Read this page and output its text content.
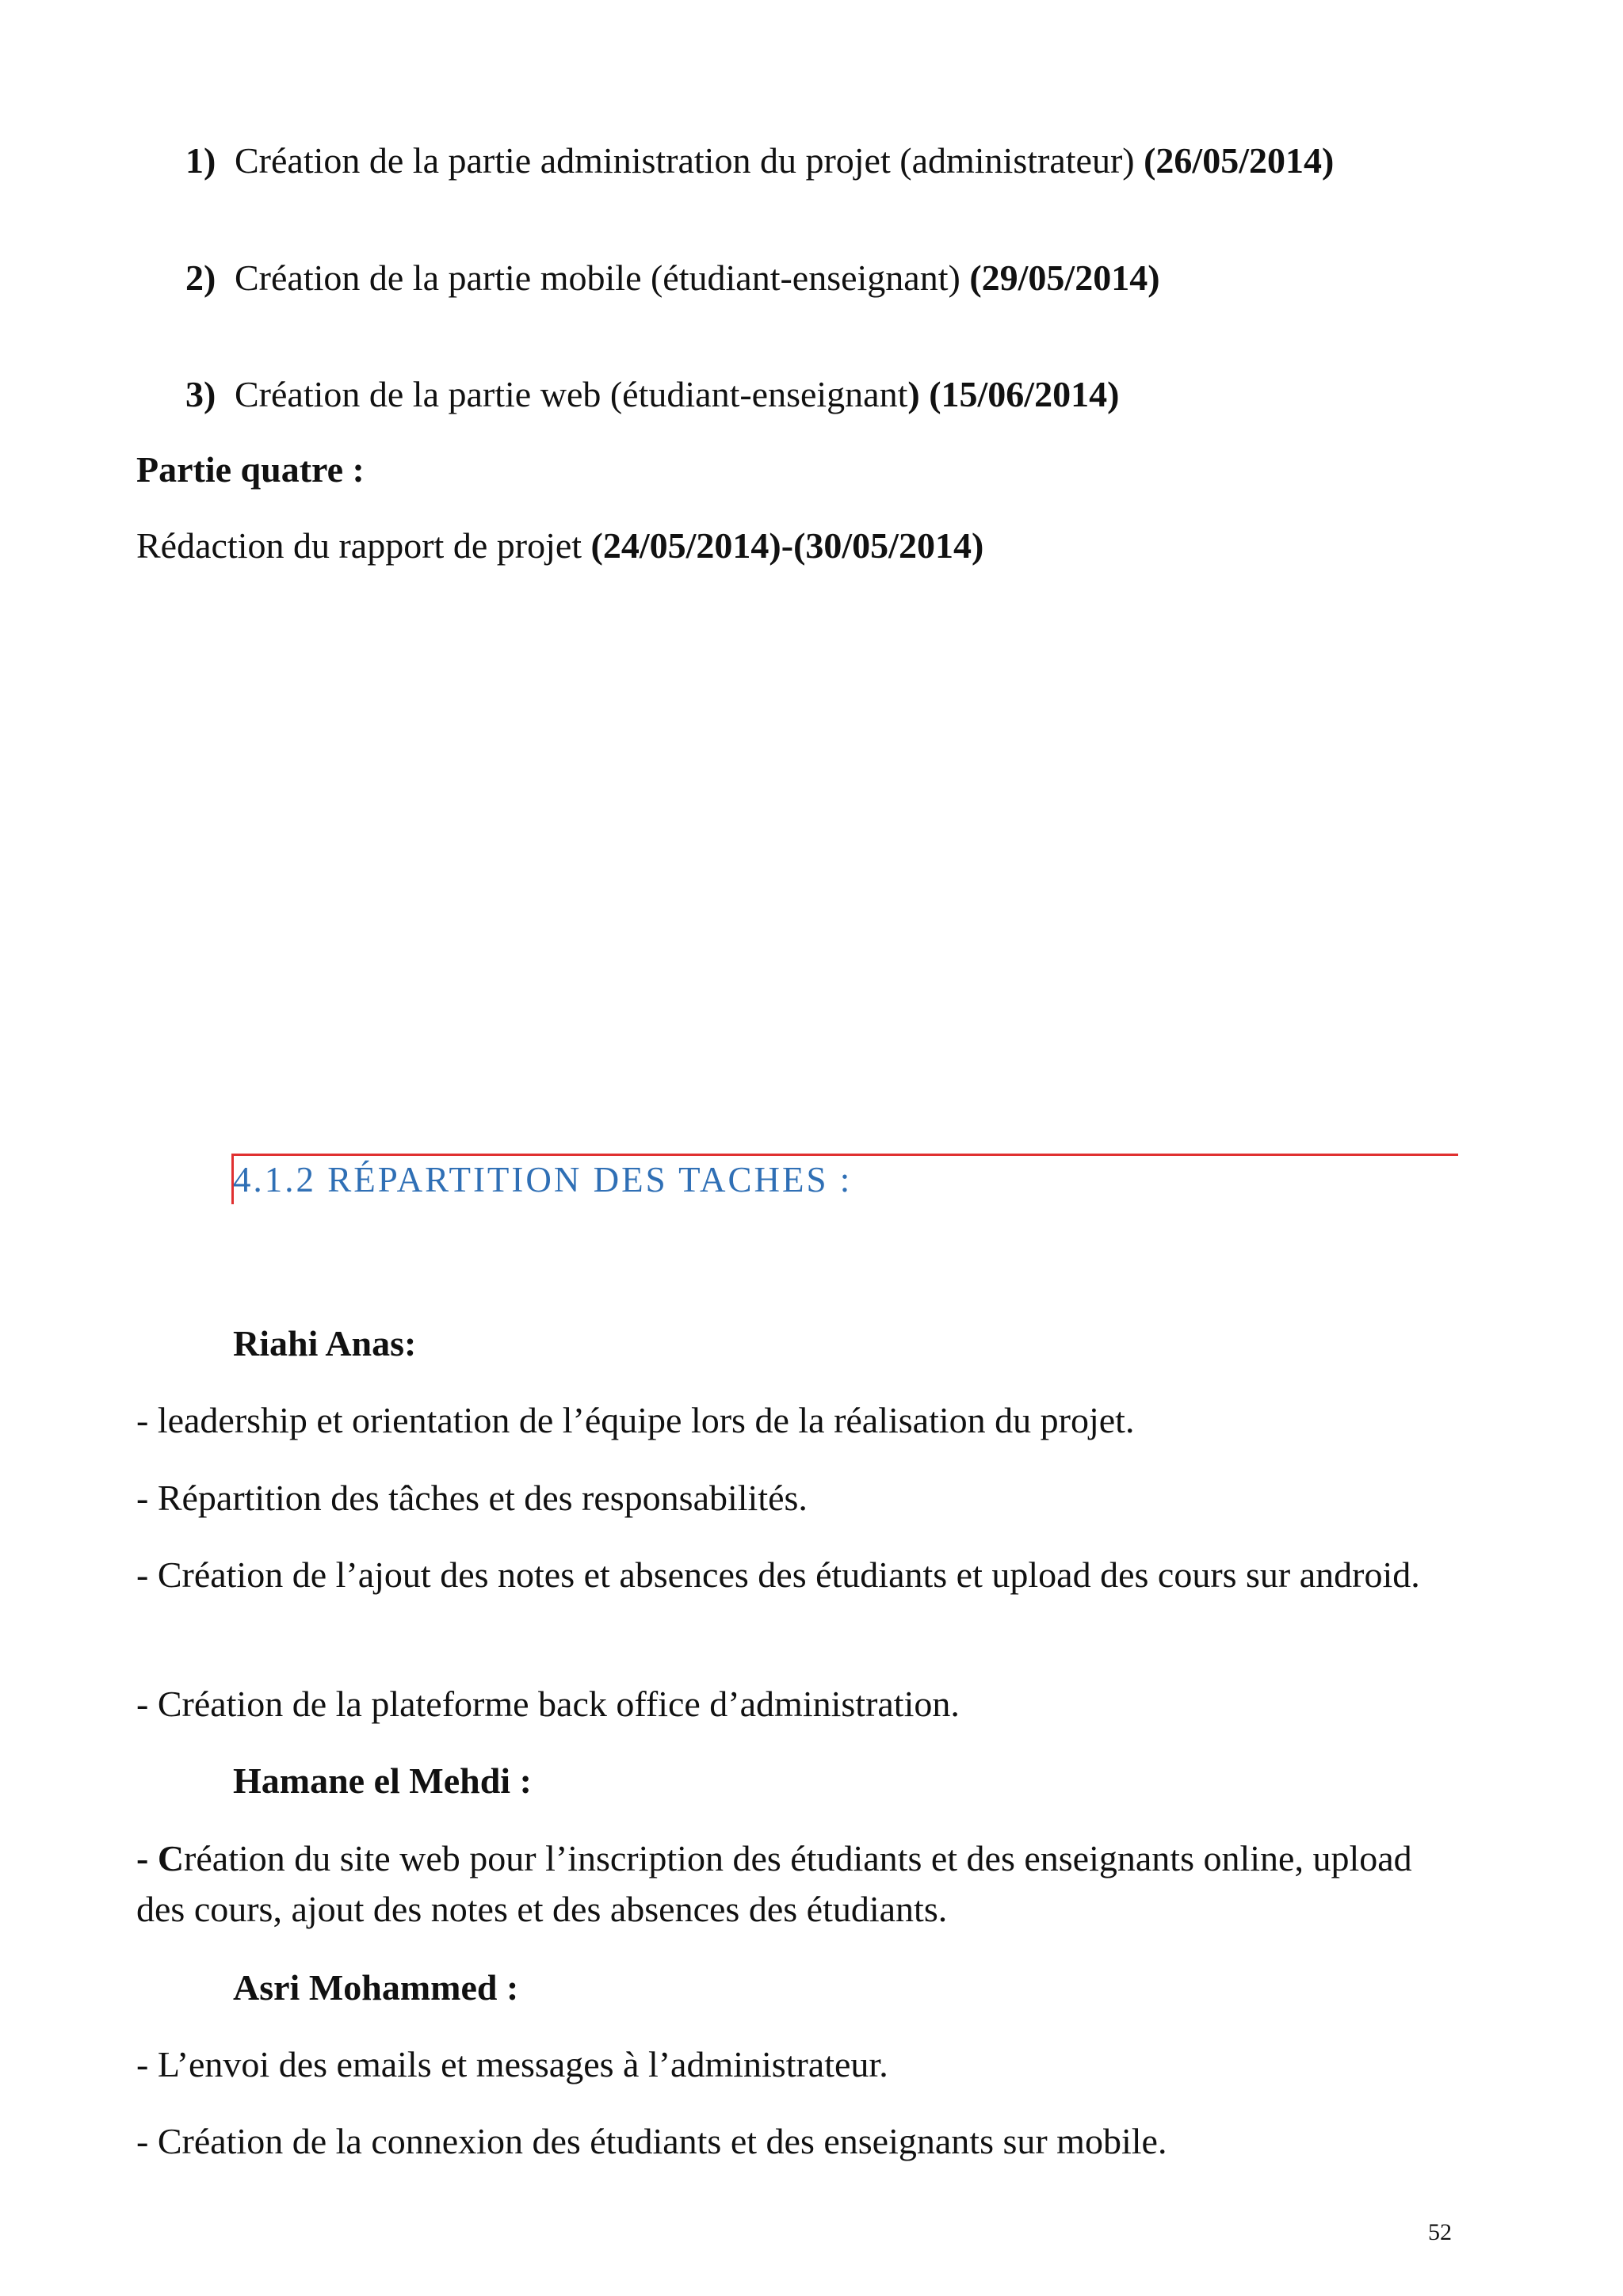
1) Création de la partie administration du projet (administrateur) (26/05/2014)
2) Création de la partie mobile (étudiant-enseignant) (29/05/2014)
3) Création de la partie web (étudiant-enseignant) (15/06/2014)
Partie quatre :
Rédaction du rapport de projet (24/05/2014)-(30/05/2014)
4.1.2 RÉPARTITION DES TACHES :
Riahi Anas:
- leadership et orientation de l’équipe lors de la réalisation du projet.
- Répartition des tâches et des responsabilités.
- Création de l’ajout des notes et absences des étudiants et upload des cours sur android.
- Création de la plateforme back office d’administration.
Hamane el Mehdi :
- Création du site web pour l’inscription des étudiants et des enseignants online, upload des cours, ajout des notes et des absences des étudiants.
Asri Mohammed :
- L’envoi des emails et messages à l’administrateur.
- Création de la connexion des étudiants et des enseignants sur mobile.
52
